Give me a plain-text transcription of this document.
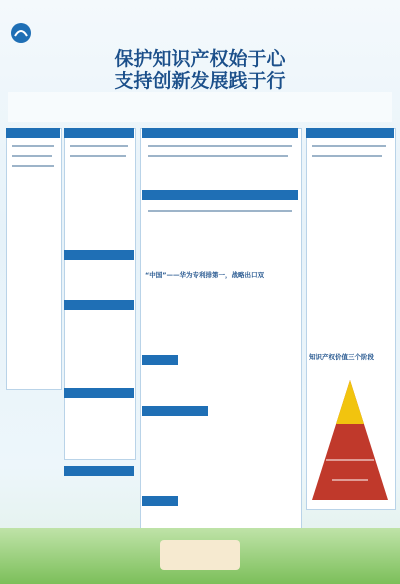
保护知识产权始于心
支持创新发展践于行
“中国”——华为专利排第一，战略出口双
知识产权价值三个阶段
